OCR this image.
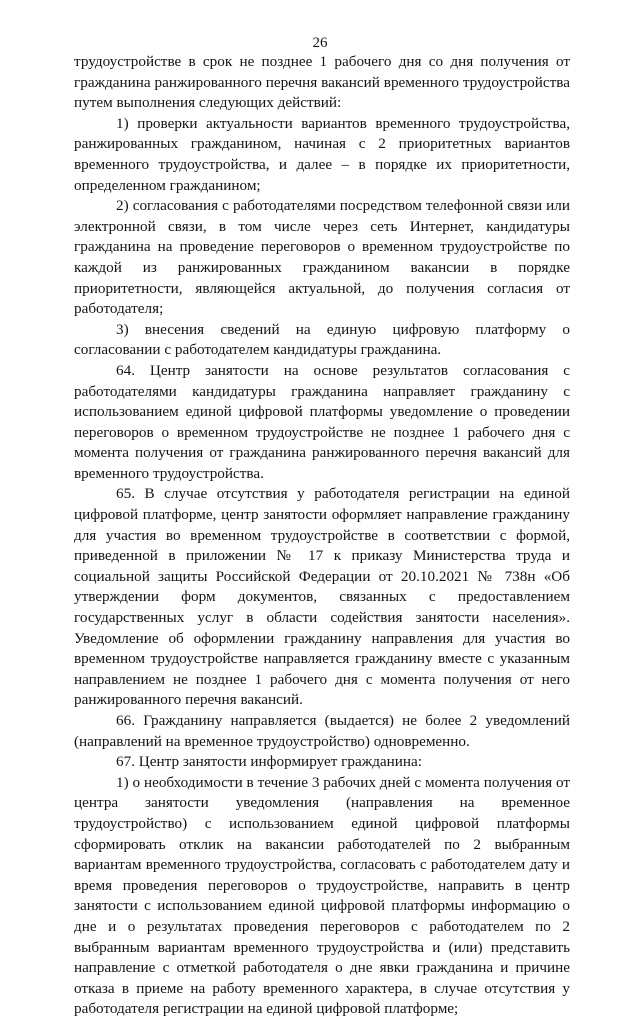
26

трудоустройстве в срок не позднее 1 рабочего дня со дня получения от гражданина ранжированного перечня вакансий временного трудоустройства путем выполнения следующих действий:

1) проверки актуальности вариантов временного трудоустройства, ранжированных гражданином, начиная с 2 приоритетных вариантов временного трудоустройства, и далее – в порядке их приоритетности, определенном гражданином;

2) согласования с работодателями посредством телефонной связи или электронной связи, в том числе через сеть Интернет, кандидатуры гражданина на проведение переговоров о временном трудоустройстве по каждой из ранжированных гражданином вакансии в порядке приоритетности, являющейся актуальной, до получения согласия от работодателя;

3) внесения сведений на единую цифровую платформу о согласовании с работодателем кандидатуры гражданина.

64. Центр занятости на основе результатов согласования с работодателями кандидатуры гражданина направляет гражданину с использованием единой цифровой платформы уведомление о проведении переговоров о временном трудоустройстве не позднее 1 рабочего дня с момента получения от гражданина ранжированного перечня вакансий для временного трудоустройства.

65. В случае отсутствия у работодателя регистрации на единой цифровой платформе, центр занятости оформляет направление гражданину для участия во временном трудоустройстве в соответствии с формой, приведенной в приложении № 17 к приказу Министерства труда и социальной защиты Российской Федерации от 20.10.2021 № 738н «Об утверждении форм документов, связанных с предоставлением государственных услуг в области содействия занятости населения». Уведомление об оформлении гражданину направления для участия во временном трудоустройстве направляется гражданину вместе с указанным направлением не позднее 1 рабочего дня с момента получения от него ранжированного перечня вакансий.

66. Гражданину направляется (выдается) не более 2 уведомлений (направлений на временное трудоустройство) одновременно.

67. Центр занятости информирует гражданина:

1) о необходимости в течение 3 рабочих дней с момента получения от центра занятости уведомления (направления на временное трудоустройство) с использованием единой цифровой платформы сформировать отклик на вакансии работодателей по 2 выбранным вариантам временного трудоустройства, согласовать с работодателем дату и время проведения переговоров о трудоустройстве, направить в центр занятости с использованием единой цифровой платформы информацию о дне и о результатах проведения переговоров с работодателем по 2 выбранным вариантам временного трудоустройства и (или) представить направление с отметкой работодателя о дне явки гражданина и причине отказа в приеме на работу временного характера, в случае отсутствия у работодателя регистрации на единой цифровой платформе;
